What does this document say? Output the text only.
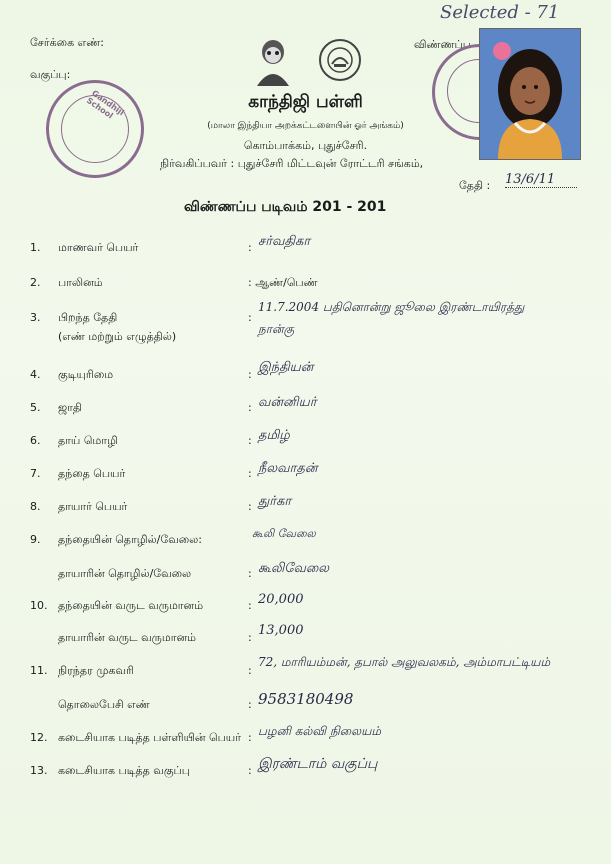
Selected - 71
சேர்க்கை எண்:
வகுப்பு:
விண்ணப்ப
Gandhiji School	காந்திஜி பள்ளி
(மாலா இந்தியா அறக்கட்டளையின் ஓர் அங்கம்)
கொம்பாக்கம், புதுச்சேரி.
நிர்வகிப்பவர் : புதுச்சேரி மிட்டவுன் ரோட்டரி சங்கம்,
தேதி : 13/6/11
விண்ணப்ப படிவம் 201 - 201
1.	மாணவர் பெயர்	: சர்வதிகா
2.	பாலினம்	: ஆண்/பெண்
3.	பிறந்த தேதி
(எண் மற்றும் எழுத்தில்)
:
11.7.2004 பதினொன்று ஜூலை இரண்டாயிரத்து
நான்கு
4.	குடியுரிமை	: இந்தியன்
5.	ஜாதி	: வன்னியர்
6.	தாய் மொழி	: தமிழ்
7.	தந்தை பெயர்	: நீலவாதன்
8.	தாயார் பெயர்	: துர்கா
9.	தந்தையின் தொழில்/வேலை:	கூலி வேலை
தாயாரின் தொழில்/வேலை	: கூலிவேலை
10. தந்தையின் வருட வருமானம்	: 20,000
தாயாரின் வருட வருமானம்	: 13,000
11. நிரந்தர முகவரி	:
72, மாரியம்மன், தபால் அலுவலகம், அம்மாபட்டியம்
தொலைபேசி எண்	: 9583180498
12. கடைசியாக படித்த பள்ளியின் பெயர் : பழனி கல்வி நிலையம்
13. கடைசியாக படித்த வகுப்பு	: இரண்டாம் வகுப்பு
